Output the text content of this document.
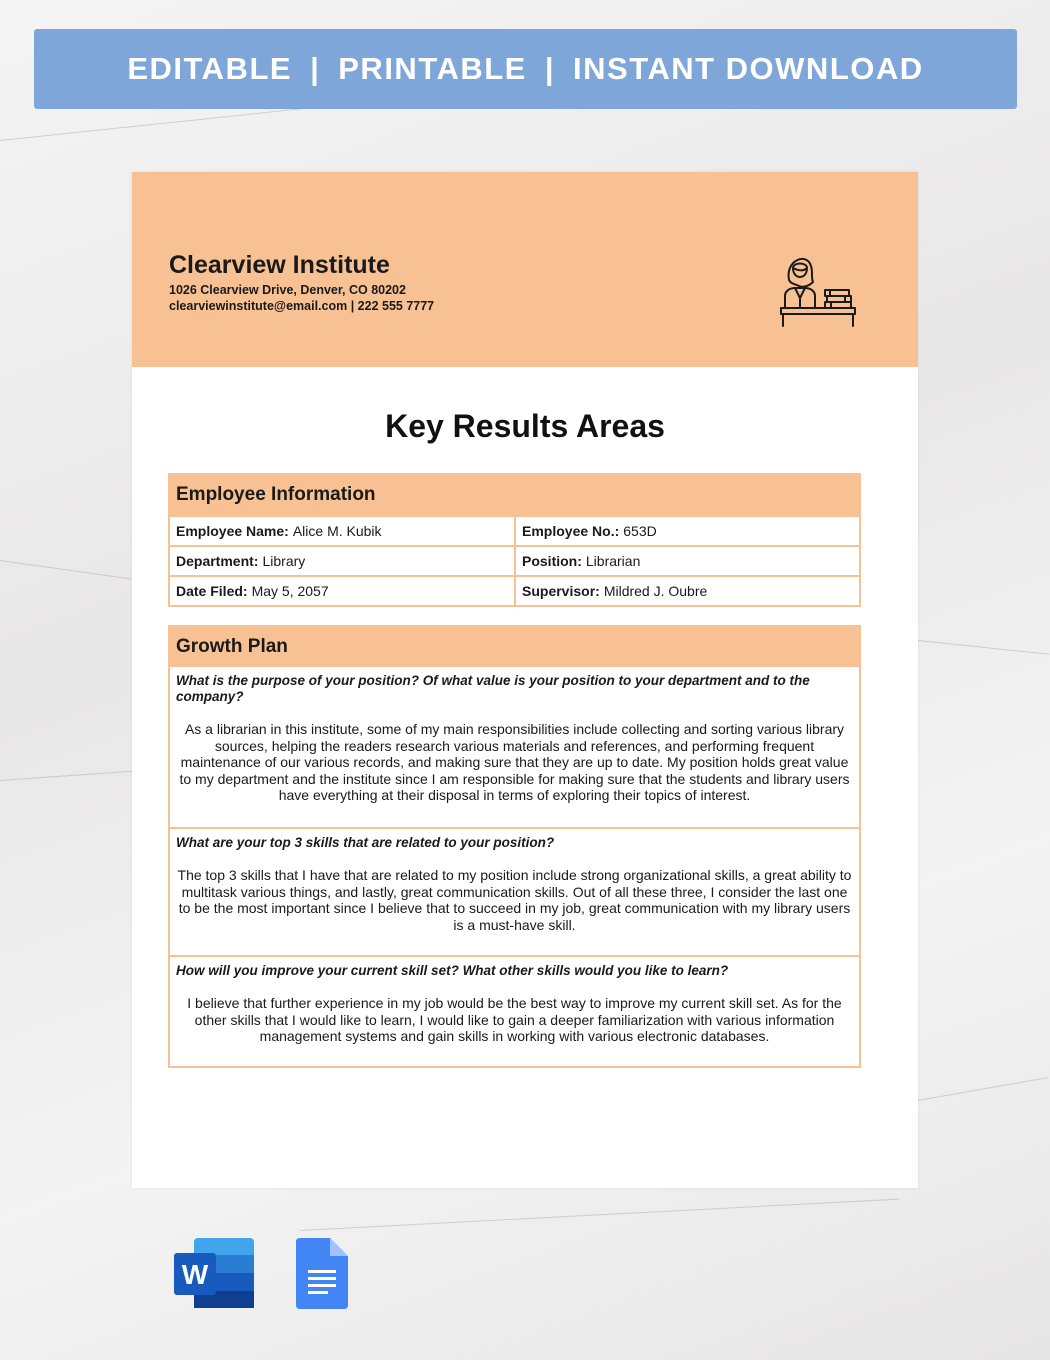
EDITABLE | PRINTABLE | INSTANT DOWNLOAD
Clearview Institute
1026 Clearview Drive, Denver, CO 80202
clearviewinstitute@email.com | 222 555 7777
Key Results Areas
Employee Information
Employee Name: Alice M. Kubik	Employee No.: 653D
Department: Library	Position: Librarian
Date Filed: May 5, 2057	Supervisor: Mildred J. Oubre
Growth Plan
What is the purpose of your position? Of what value is your position to your department and to the company?
As a librarian in this institute, some of my main responsibilities include collecting and sorting various library sources, helping the readers research various materials and references, and performing frequent maintenance of our various records, and making sure that they are up to date. My position holds great value to my department and the institute since I am responsible for making sure that the students and library users have everything at their disposal in terms of exploring their topics of interest.
What are your top 3 skills that are related to your position?
The top 3 skills that I have that are related to my position include strong organizational skills, a great ability to multitask various things, and lastly, great communication skills. Out of all these three, I consider the last one to be the most important since I believe that to succeed in my job, great communication with my library users is a must-have skill.
How will you improve your current skill set? What other skills would you like to learn?
I believe that further experience in my job would be the best way to improve my current skill set. As for the other skills that I would like to learn, I would like to gain a deeper familiarization with various information management systems and gain skills in working with various electronic databases.
W
